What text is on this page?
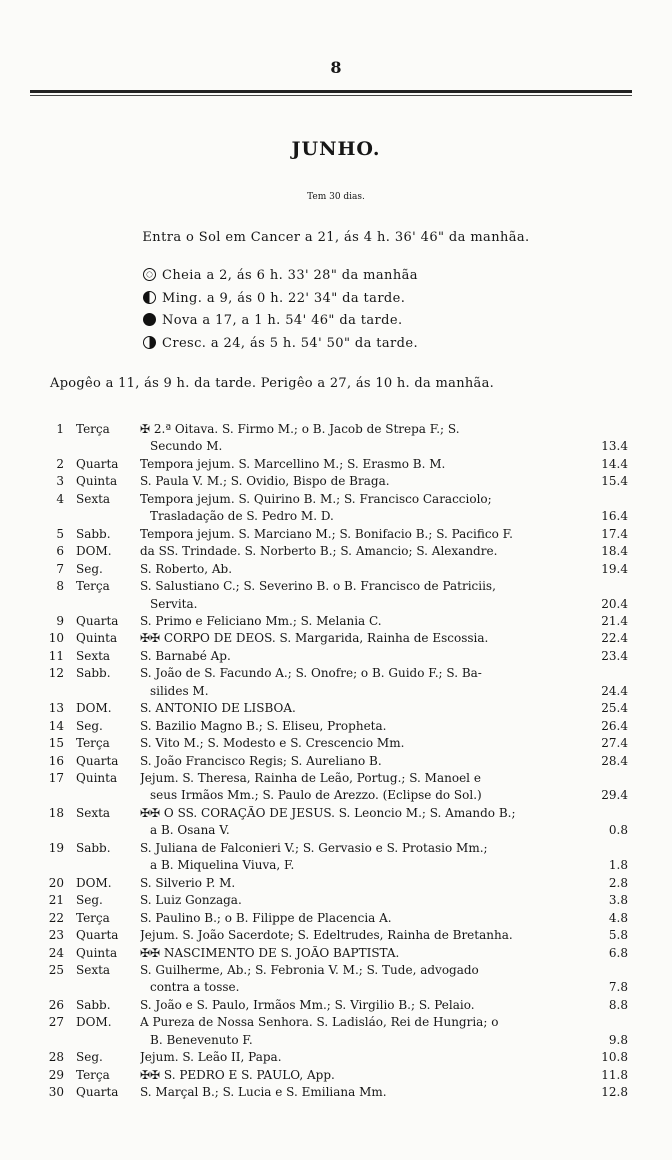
8
JUNHO.
Tem 30 dias.
Entra o Sol em Cancer a 21, ás 4 h. 36' 46" da manhãa.
Cheia a 2, ás 6 h. 33' 28" da manhãa
Ming. a 9, ás 0 h. 22' 34" da tarde.
Nova a 17, a 1 h. 54' 46" da tarde.
Cresc. a 24, ás 5 h. 54' 50" da tarde.
Apogêo a 11, ás 9 h. da tarde. Perigêo a 27, ás 10 h. da manhãa.
1 Terça	✠ 2.ª Oitava. S. Firmo M.; o B. Jacob de Strepa F.; S.
Secundo M.	13.4
2 Quarta Tempora jejum. S. Marcellino M.; S. Erasmo B. M.	14.4
3 Quinta S. Paula V. M.; S. Ovidio, Bispo de Braga.	15.4
4 Sexta Tempora jejum. S. Quirino B. M.; S. Francisco Caracciolo;
Trasladação de S. Pedro M. D.	16.4
5 Sabb. Tempora jejum. S. Marciano M.; S. Bonifacio B.; S. Pacifico F.	17.4
6 DOM. da SS. Trindade. S. Norberto B.; S. Amancio; S. Alexandre.	18.4
7 Seg.	S. Roberto, Ab.	19.4
8 Terça	S. Salustiano C.; S. Severino B. o B. Francisco de Patriciis,
Servita.	20.4
9 Quarta S. Primo e Feliciano Mm.; S. Melania C.	21.4
10 Quinta ✠✠ CORPO DE DEOS. S. Margarida, Rainha de Escossia.	22.4
11 Sexta S. Barnabé Ap.	23.4
12 Sabb. S. João de S. Facundo A.; S. Onofre; o B. Guido F.; S. Ba-
silides M.	24.4
13 DOM. S. ANTONIO DE LISBOA.	25.4
14 Seg.	S. Bazilio Magno B.; S. Eliseu, Propheta.	26.4
15 Terça	S. Vito M.; S. Modesto e S. Crescencio Mm.	27.4
16 Quarta S. João Francisco Regis; S. Aureliano B.	28.4
17 Quinta Jejum. S. Theresa, Rainha de Leão, Portug.; S. Manoel e
seus Irmãos Mm.; S. Paulo de Arezzo. (Eclipse do Sol.)	29.4
18 Sexta ✠✠ O SS. CORAÇÃO DE JESUS. S. Leoncio M.; S. Amando B.;
a B. Osana V.	0.8
19 Sabb. S. Juliana de Falconieri V.; S. Gervasio e S. Protasio Mm.;
a B. Miquelina Viuva, F.	1.8
20 DOM. S. Silverio P. M.	2.8
21 Seg.	S. Luiz Gonzaga.	3.8
22 Terça	S. Paulino B.; o B. Filippe de Placencia A.	4.8
23 Quarta Jejum. S. João Sacerdote; S. Edeltrudes, Rainha de Bretanha.	5.8
24 Quinta ✠✠ NASCIMENTO DE S. JOÃO BAPTISTA.	6.8
25 Sexta S. Guilherme, Ab.; S. Febronia V. M.; S. Tude, advogado
contra a tosse.	7.8
26 Sabb. S. João e S. Paulo, Irmãos Mm.; S. Virgilio B.; S. Pelaio.	8.8
27 DOM. A Pureza de Nossa Senhora. S. Ladisláo, Rei de Hungria; o
B. Benevenuto F.	9.8
28 Seg.	Jejum. S. Leão II, Papa.	10.8
29 Terça	✠✠ S. PEDRO E S. PAULO, App.	11.8
30 Quarta S. Marçal B.; S. Lucia e S. Emiliana Mm.	12.8
